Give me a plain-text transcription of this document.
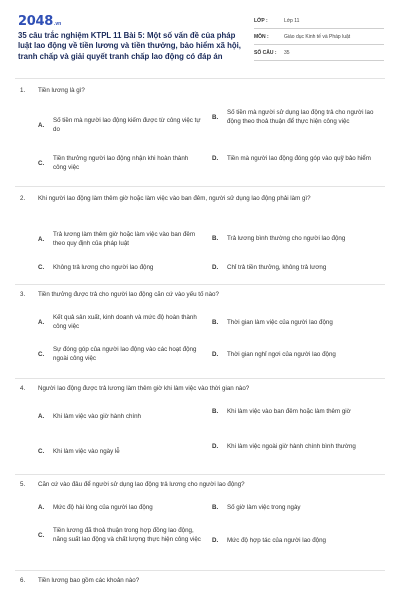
2048 .vn
35 câu trắc nghiệm KTPL 11 Bài 5: Một số vấn đề của pháp luật lao động về tiền lương và tiền thưởng, bảo hiểm xã hội, tranh chấp và giải quyết tranh chấp lao động có đáp án
LỚP :	Lớp 11
MÔN :	Giáo dục Kinh tế và Pháp luật
SỐ CÂU :	35
1.	Tiền lương là gì?
A.
Số tiền mà người lao động kiếm được từ công việc tự do
B.
Số tiền mà người sử dụng lao động trả cho người lao động theo thoả thuận để thực hiện công việc
C.
Tiền thưởng người lao động nhận khi hoàn thành công việc
D.	Tiền mà người lao động đóng góp vào quỹ bảo hiểm
2.	Khi người lao động làm thêm giờ hoặc làm việc vào ban đêm, người sử dụng lao động phải làm gì?
A.
Trả lương làm thêm giờ hoặc làm việc vào ban đêm theo quy định của pháp luật
B.	Trả lương bình thường cho người lao động
C.	Không trả lương cho người lao động	D.	Chỉ trả tiền thưởng, không trả lương
3.	Tiền thưởng được trả cho người lao động căn cứ vào yếu tố nào?
A.
Kết quả sản xuất, kinh doanh và mức độ hoàn thành công việc
B.	Thời gian làm việc của người lao động
C.
Sự đóng góp của người lao động vào các hoạt động ngoài công việc
D.	Thời gian nghỉ ngơi của người lao động
4.	Người lao động được trả lương làm thêm giờ khi làm việc vào thời gian nào?
A.	Khi làm việc vào giờ hành chính
B.	Khi làm việc vào ban đêm hoặc làm thêm giờ
C.	Khi làm việc vào ngày lễ
D.	Khi làm việc ngoài giờ hành chính bình thường
5.	Căn cứ vào đâu để người sử dụng lao động trả lương cho người lao động?
A.	Mức độ hài lòng của người lao động	B.	Số giờ làm việc trong ngày
C.
Tiền lương đã thoả thuận trong hợp đồng lao động, năng suất lao động và chất lượng thực hiện công việc	D.	Mức độ hợp tác của người lao động
6.	Tiền lương bao gồm các khoản nào?
